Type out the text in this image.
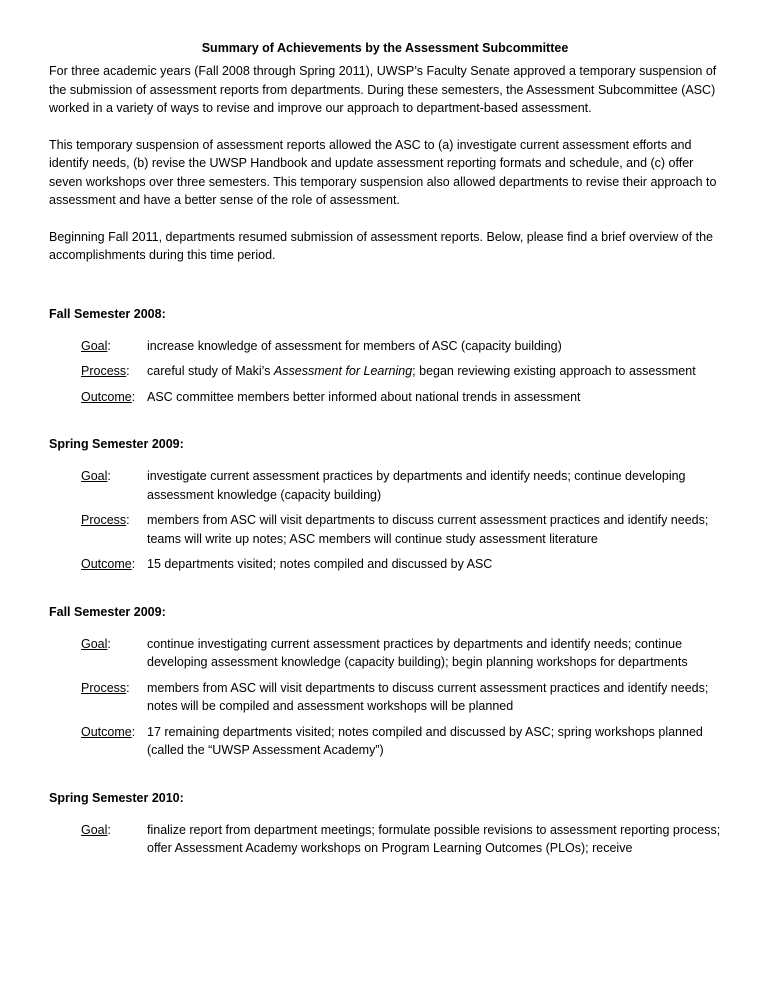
Summary of Achievements by the Assessment Subcommittee

For three academic years (Fall 2008 through Spring 2011), UWSP’s Faculty Senate approved a temporary suspension of the submission of assessment reports from departments. During these semesters, the Assessment Subcommittee (ASC) worked in a variety of ways to revise and improve our approach to department-based assessment.

This temporary suspension of assessment reports allowed the ASC to (a) investigate current assessment efforts and identify needs, (b) revise the UWSP Handbook and update assessment reporting formats and schedule, and (c) offer seven workshops over three semesters. This temporary suspension also allowed departments to revise their approach to assessment and have a better sense of the role of assessment.

Beginning Fall 2011, departments resumed submission of assessment reports. Below, please find a brief overview of the accomplishments during this time period.

Fall Semester 2008:
Goal:	increase knowledge of assessment for members of ASC (capacity building)
Process:	careful study of Maki’s Assessment for Learning; began reviewing existing approach to assessment
Outcome: ASC committee members better informed about national trends in assessment
Spring Semester 2009:
Goal:	investigate current assessment practices by departments and identify needs; continue developing assessment knowledge (capacity building)
Process:	members from ASC will visit departments to discuss current assessment practices and identify needs; teams will write up notes; ASC members will continue study assessment literature
Outcome: 15 departments visited; notes compiled and discussed by ASC
Fall Semester 2009:
Goal:	continue investigating current assessment practices by departments and identify needs; continue developing assessment knowledge (capacity building); begin planning workshops for departments
Process:	members from ASC will visit departments to discuss current assessment practices and identify needs; notes will be compiled and assessment workshops will be planned
Outcome: 17 remaining departments visited; notes compiled and discussed by ASC; spring workshops planned (called the “UWSP Assessment Academy”)
Spring Semester 2010:
Goal:	finalize report from department meetings; formulate possible revisions to assessment reporting process; offer Assessment Academy workshops on Program Learning Outcomes (PLOs); receive
